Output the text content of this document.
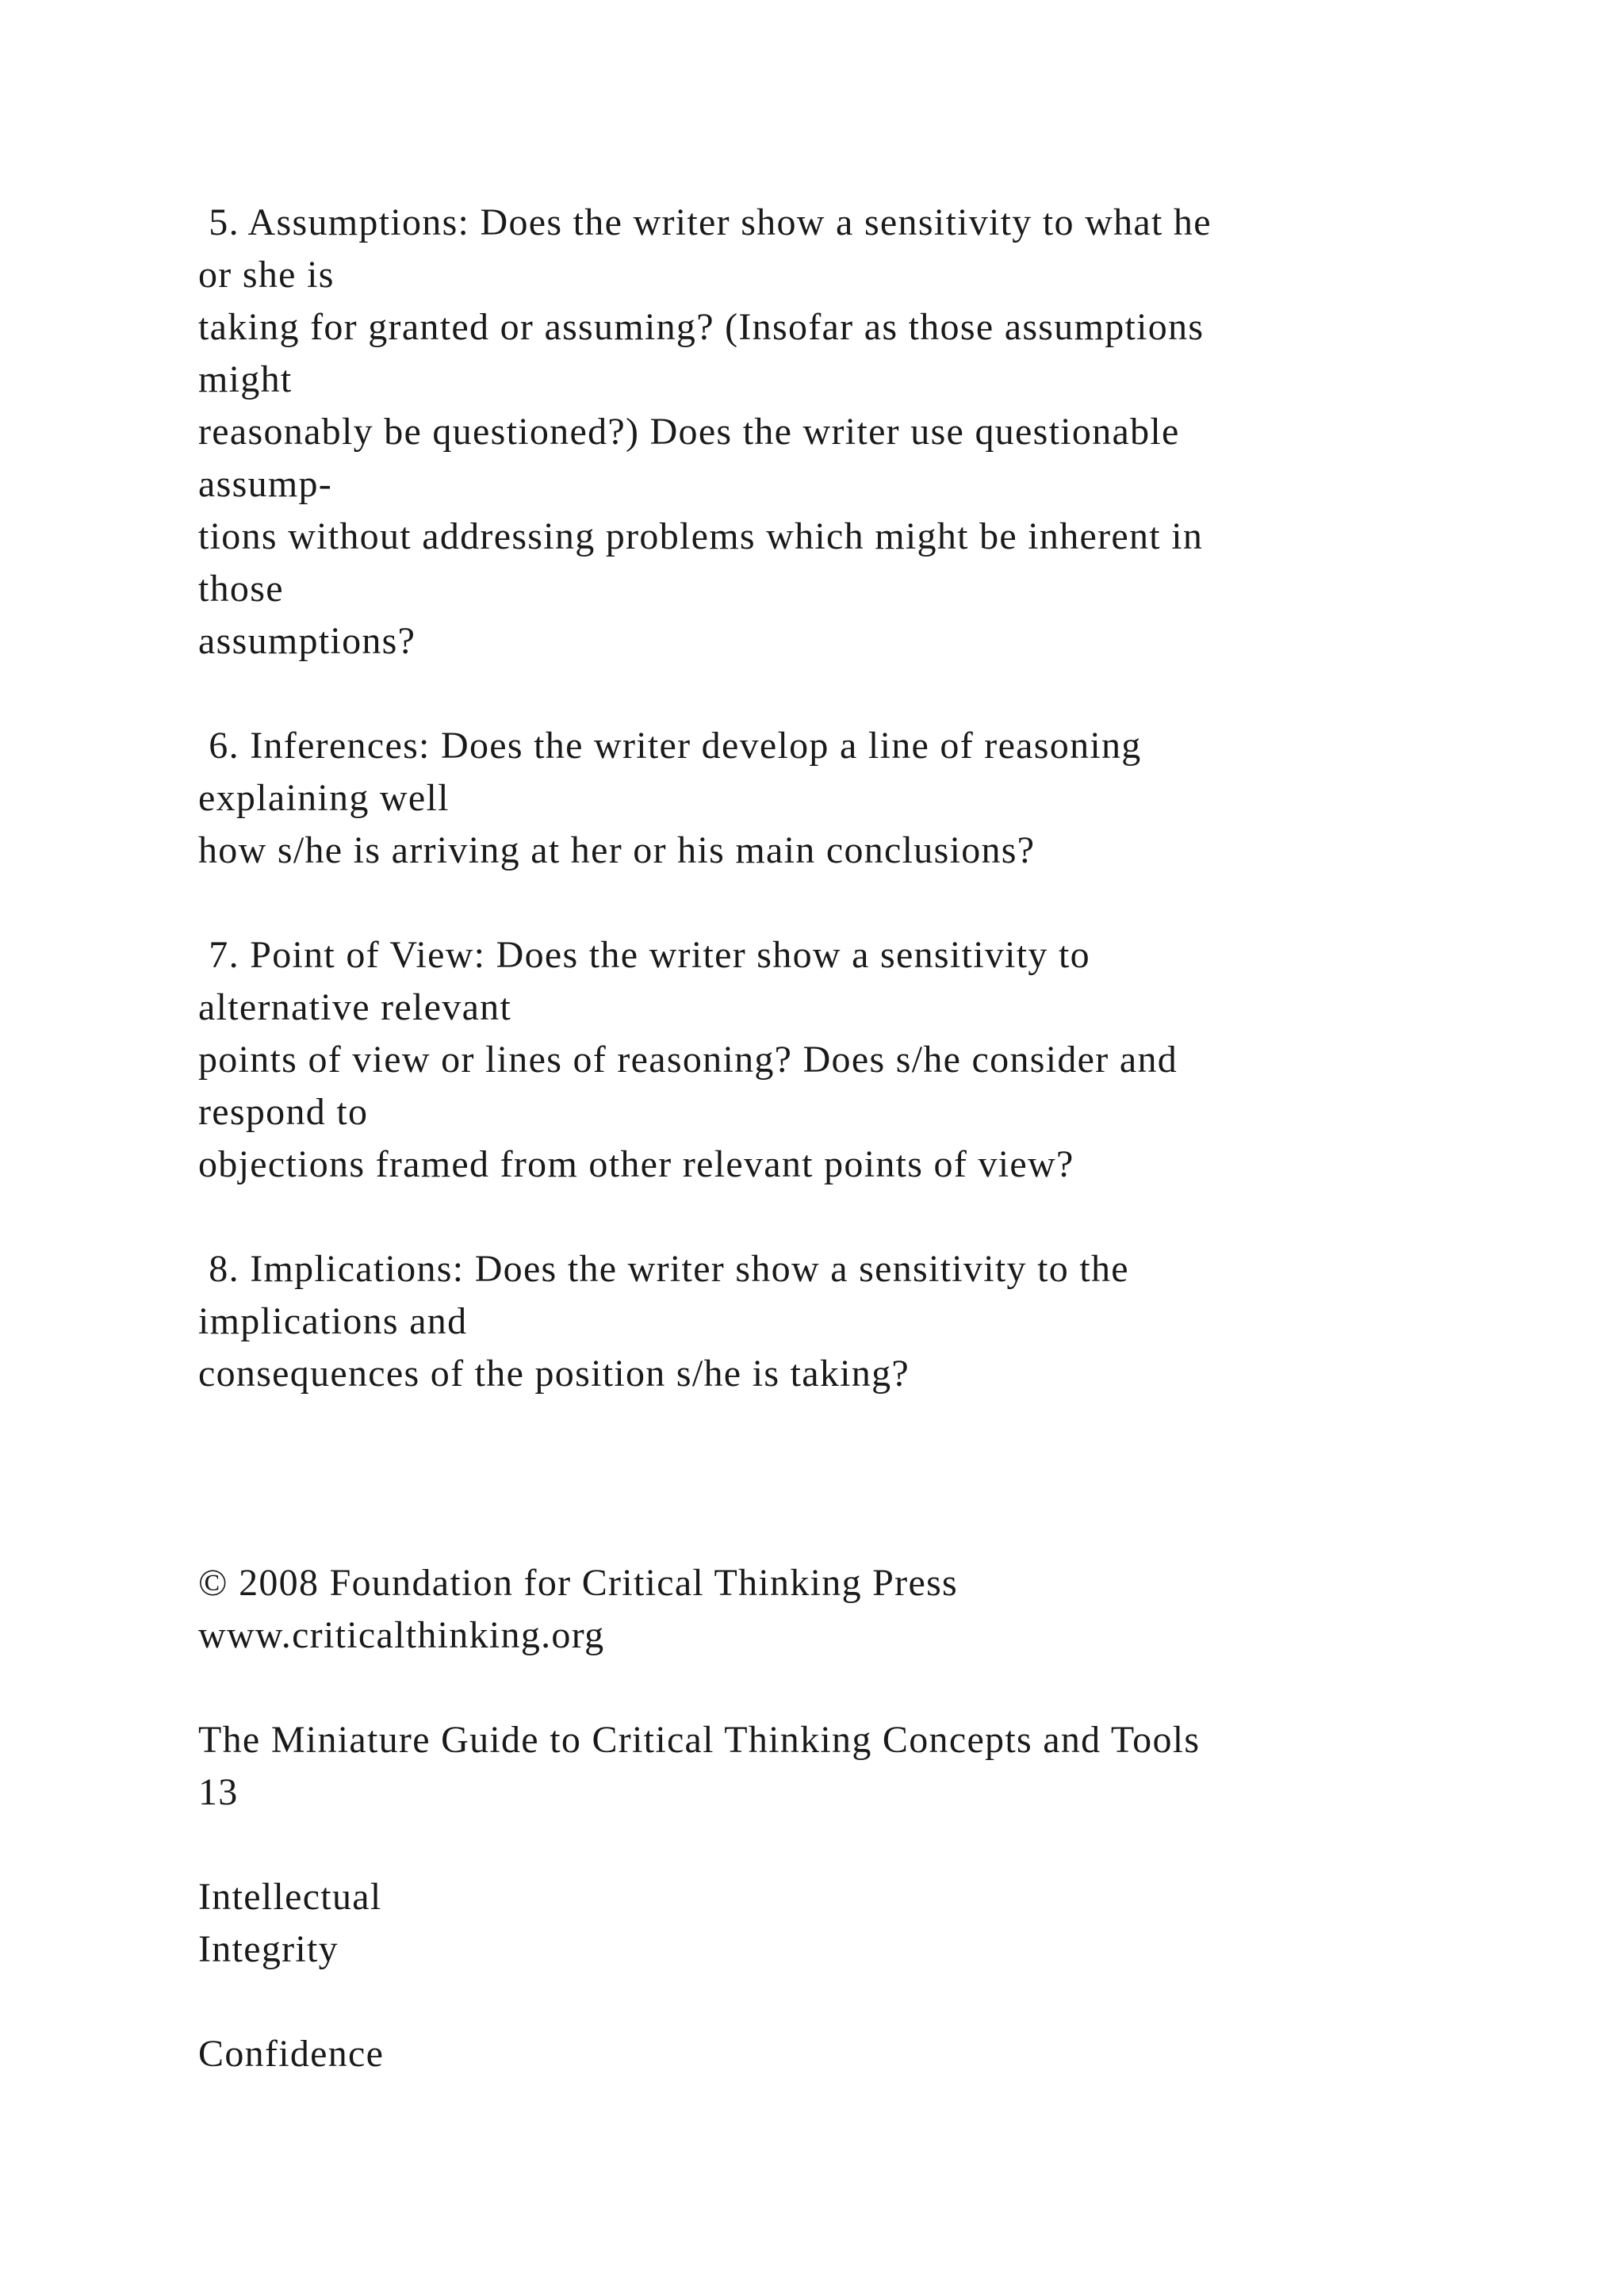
5. Assumptions: Does the writer show a sensitivity to what he
or she is
taking for granted or assuming? (Insofar as those assumptions
might
reasonably be questioned?) Does the writer use questionable
assump-
tions without addressing problems which might be inherent in
those
assumptions?
6. Inferences: Does the writer develop a line of reasoning
explaining well
how s/he is arriving at her or his main conclusions?
7. Point of View: Does the writer show a sensitivity to
alternative relevant
points of view or lines of reasoning? Does s/he consider and
respond to
objections framed from other relevant points of view?
8. Implications: Does the writer show a sensitivity to the
implications and
consequences of the position s/he is taking?
© 2008 Foundation for Critical Thinking Press
www.criticalthinking.org
The Miniature Guide to Critical Thinking Concepts and Tools
13
Intellectual
Integrity
Confidence
